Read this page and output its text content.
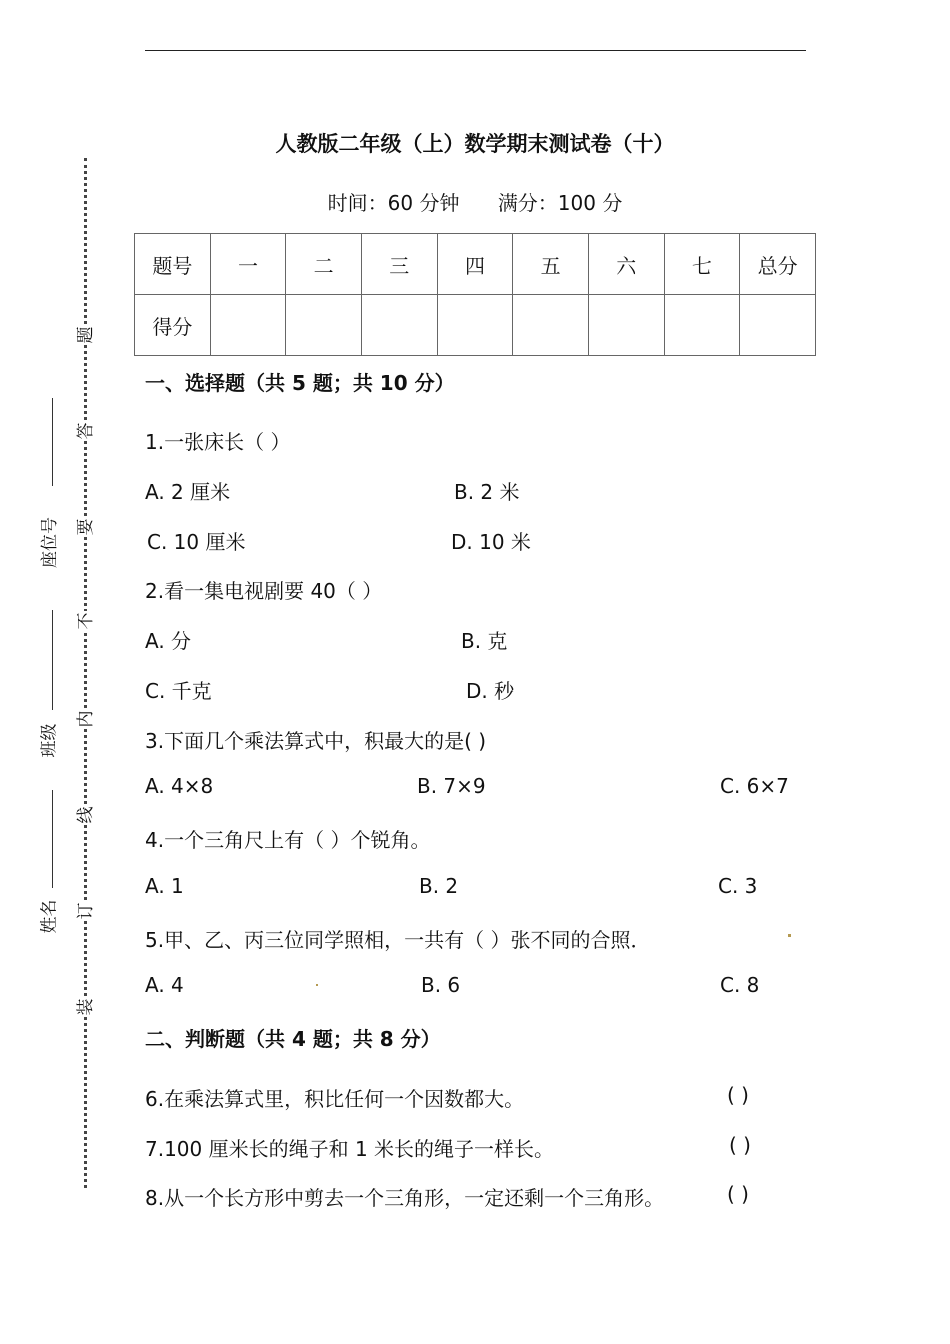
人教版二年级（上）数学期末测试卷（十）
时间：60 分钟 满分：100 分
题号	一	二	三	四	五	六	七	总分
得分								
一、选择题（共 5 题；共 10 分）
1.一张床长（ ）
A. 2 厘米	B. 2 米
C. 10 厘米	D. 10 米
2.看一集电视剧要 40（ ）
A. 分	B. 克
C. 千克	D. 秒
3.下面几个乘法算式中，积最大的是( )
A. 4×8	B. 7×9	C. 6×7
4.一个三角尺上有（ ）个锐角。
A. 1	B. 2	C. 3
5.甲、乙、丙三位同学照相，一共有（ ）张不同的合照．
A. 4	B. 6	C. 8
二、判断题（共 4 题；共 8 分）
6.在乘法算式里，积比任何一个因数都大。	( )
7.100 厘米长的绳子和 1 米长的绳子一样长。	( )
8.从一个长方形中剪去一个三角形，一定还剩一个三角形。	( )
题
答
要
不
内
线
订
装
座位号
班级
姓名
